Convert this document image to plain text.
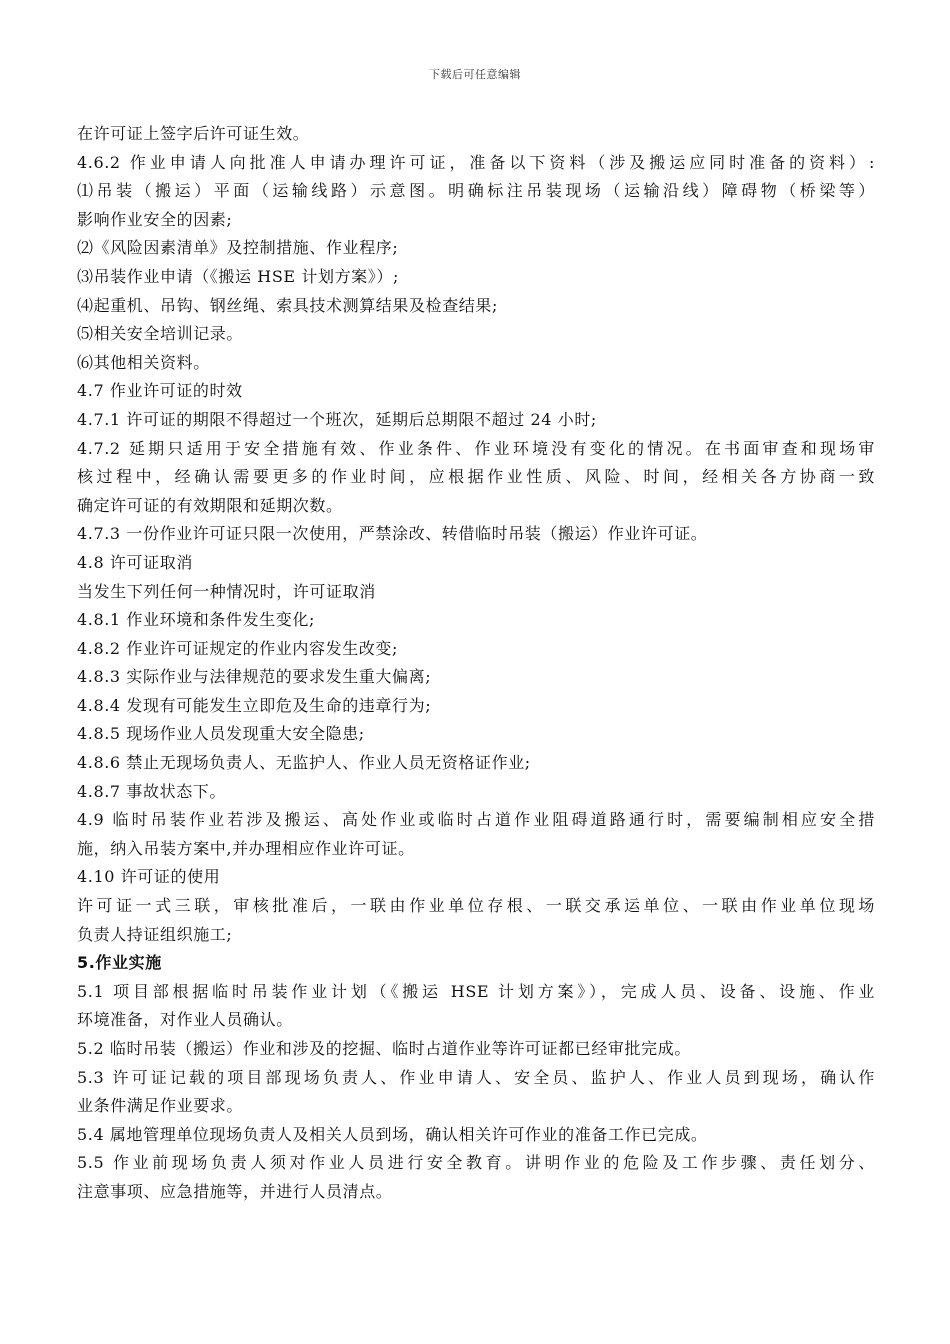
下载后可任意编辑
在许可证上签字后许可证生效。
4.6.2 作业申请人向批准人申请办理许可证，准备以下资料（涉及搬运应同时准备的资料）:
⑴吊装（搬运）平面（运输线路）示意图。明确标注吊装现场（运输沿线）障碍物（桥梁等）
影响作业安全的因素;
⑵《风险因素清单》及控制措施、作业程序;
⑶吊装作业申请（《搬运 HSE 计划方案》）;
⑷起重机、吊钩、钢丝绳、索具技术测算结果及检查结果;
⑸相关安全培训记录。
⑹其他相关资料。
4.7 作业许可证的时效
4.7.1 许可证的期限不得超过一个班次，延期后总期限不超过 24 小时;
4.7.2 延期只适用于安全措施有效、作业条件、作业环境没有变化的情况。在书面审查和现场审
核过程中，经确认需要更多的作业时间，应根据作业性质、风险、时间，经相关各方协商一致
确定许可证的有效期限和延期次数。
4.7.3 一份作业许可证只限一次使用，严禁涂改、转借临时吊装（搬运）作业许可证。
4.8 许可证取消
当发生下列任何一种情况时，许可证取消
4.8.1 作业环境和条件发生变化;
4.8.2 作业许可证规定的作业内容发生改变;
4.8.3 实际作业与法律规范的要求发生重大偏离;
4.8.4 发现有可能发生立即危及生命的违章行为;
4.8.5 现场作业人员发现重大安全隐患;
4.8.6 禁止无现场负责人、无监护人、作业人员无资格证作业;
4.8.7 事故状态下。
4.9 临时吊装作业若涉及搬运、高处作业或临时占道作业阻碍道路通行时，需要编制相应安全措
施，纳入吊装方案中,并办理相应作业许可证。
4.10 许可证的使用
许可证一式三联，审核批准后，一联由作业单位存根、一联交承运单位、一联由作业单位现场
负责人持证组织施工;
5.作业实施
5.1 项目部根据临时吊装作业计划（《搬运 HSE 计划方案》），完成人员、设备、设施、作业
环境准备，对作业人员确认。
5.2 临时吊装（搬运）作业和涉及的挖掘、临时占道作业等许可证都已经审批完成。
5.3 许可证记载的项目部现场负责人、作业申请人、安全员、监护人、作业人员到现场，确认作
业条件满足作业要求。
5.4 属地管理单位现场负责人及相关人员到场，确认相关许可作业的准备工作已完成。
5.5 作业前现场负责人须对作业人员进行安全教育。讲明作业的危险及工作步骤、责任划分、
注意事项、应急措施等，并进行人员清点。
